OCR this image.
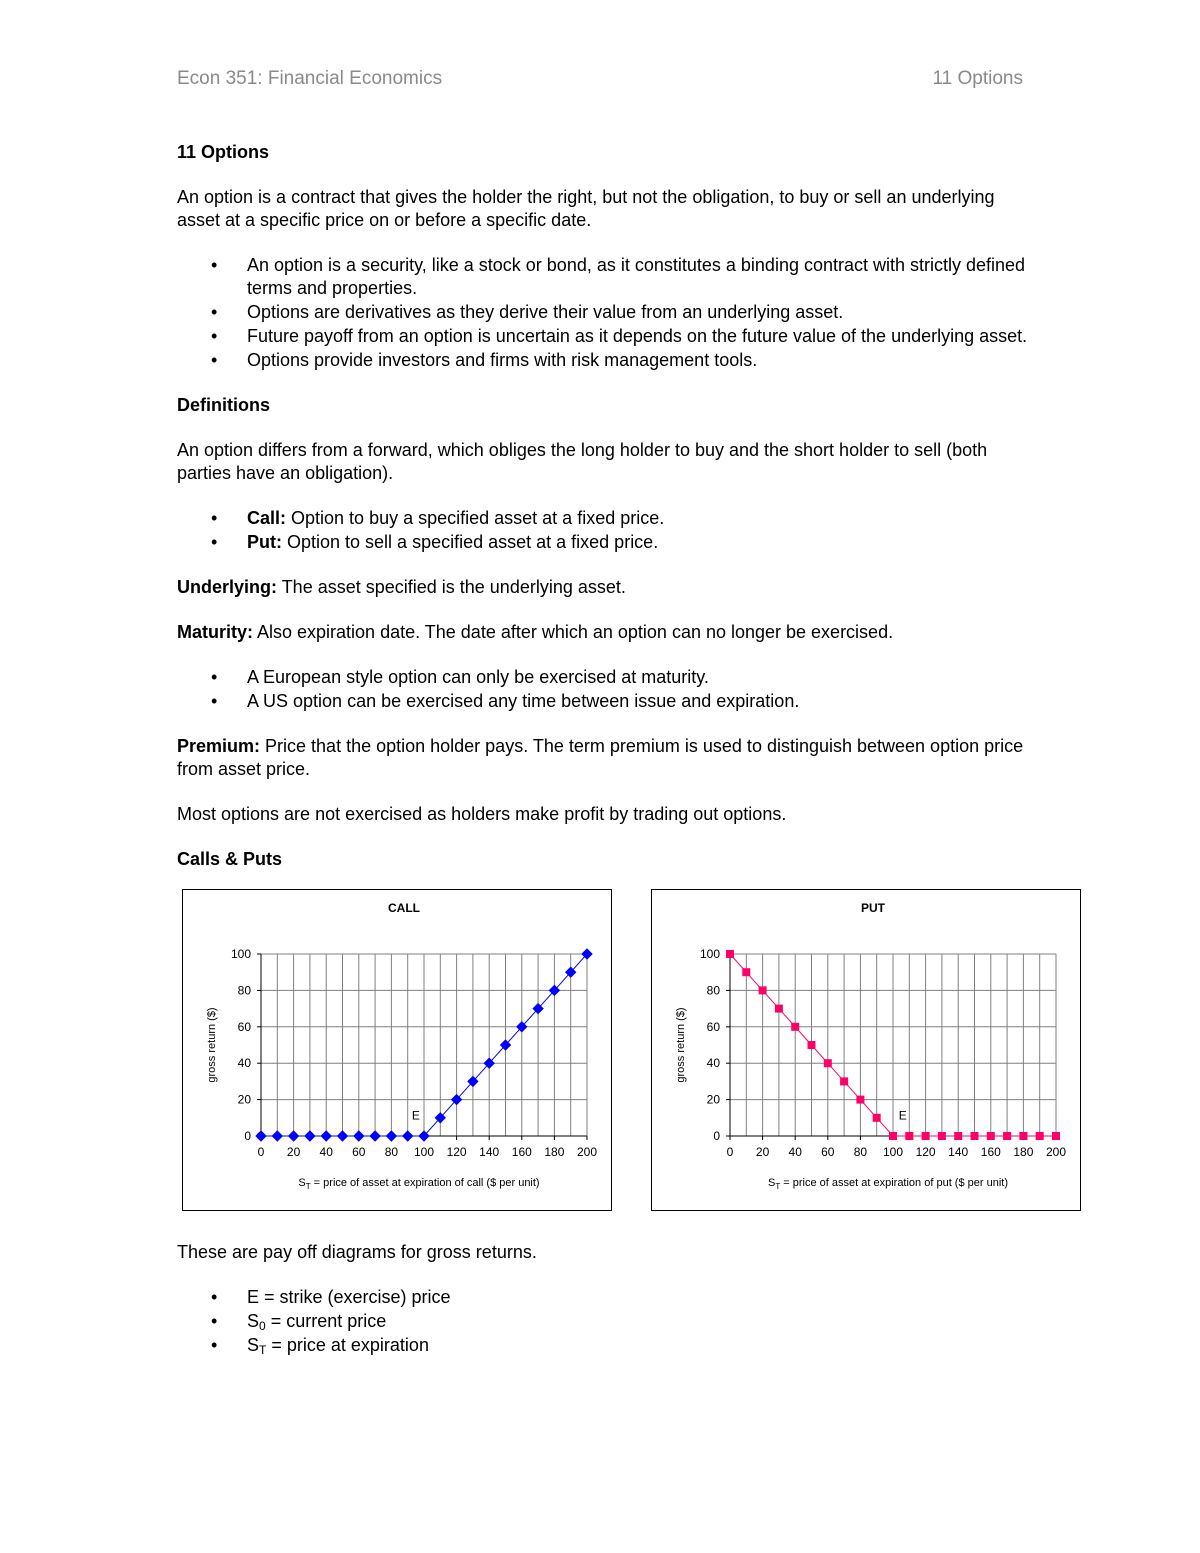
Econ 351: Financial Economics	11 Options
11 Options

An option is a contract that gives the holder the right, but not the obligation, to buy or sell an underlying asset at a specific price on or before a specific date.

• An option is a security, like a stock or bond, as it constitutes a binding contract with strictly defined terms and properties.
• Options are derivatives as they derive their value from an underlying asset.
• Future payoff from an option is uncertain as it depends on the future value of the underlying asset.
• Options provide investors and firms with risk management tools.
Definitions

An option differs from a forward, which obliges the long holder to buy and the short holder to sell (both parties have an obligation).

• Call: Option to buy a specified asset at a fixed price.
• Put: Option to sell a specified asset at a fixed price.

Underlying: The asset specified is the underlying asset.

Maturity: Also expiration date. The date after which an option can no longer be exercised.

• A European style option can only be exercised at maturity.
• A US option can be exercised any time between issue and expiration.

Premium: Price that the option holder pays. The term premium is used to distinguish between option price from asset price.

Most options are not exercised as holders make profit by trading out options.

Calls & Puts
CALL
0
20
40
60
80
100
0 20 40 60 80 100 120 140 160 180 200
gross return ($)
$S_T$ = price of asset at expiration of call ($ per unit)
E
PUT
0
20
40
60
80
100
0 20 40 60 80 100 120 140 160 180 200
gross return ($)
$S_T$ = price of asset at expiration of put ($ per unit)
E

These are pay off diagrams for gross returns.

• E = strike (exercise) price
• $S_0$ = current price
• $S_T$ = price at expiration
